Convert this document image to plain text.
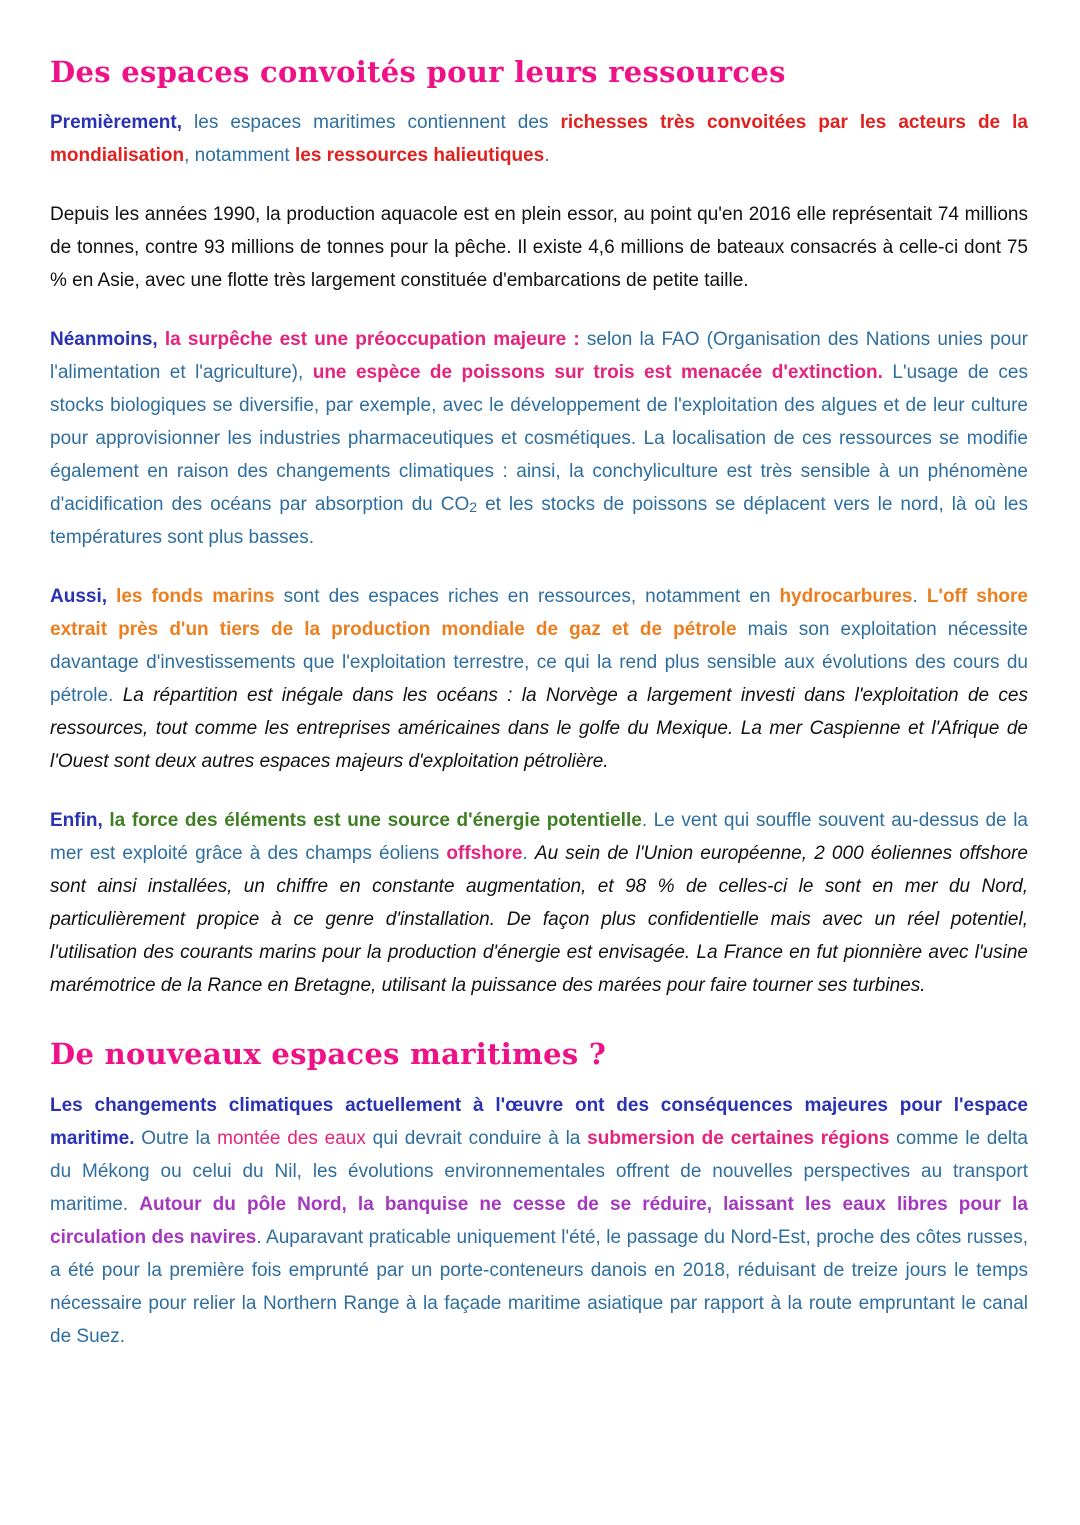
Des espaces convoités pour leurs ressources

Premièrement, les espaces maritimes contiennent des richesses très convoitées par les acteurs de la mondialisation, notamment les ressources halieutiques.

Depuis les années 1990, la production aquacole est en plein essor, au point qu'en 2016 elle représentait 74 millions de tonnes, contre 93 millions de tonnes pour la pêche. Il existe 4,6 millions de bateaux consacrés à celle-ci dont 75 % en Asie, avec une flotte très largement constituée d'embarcations de petite taille.

Néanmoins, la surpêche est une préoccupation majeure : selon la FAO (Organisation des Nations unies pour l'alimentation et l'agriculture), une espèce de poissons sur trois est menacée d'extinction. L'usage de ces stocks biologiques se diversifie, par exemple, avec le développement de l'exploitation des algues et de leur culture pour approvisionner les industries pharmaceutiques et cosmétiques. La localisation de ces ressources se modifie également en raison des changements climatiques : ainsi, la conchyliculture est très sensible à un phénomène d'acidification des océans par absorption du $CO_2$ et les stocks de poissons se déplacent vers le nord, là où les températures sont plus basses.

Aussi, les fonds marins sont des espaces riches en ressources, notamment en hydrocarbures. L'off shore extrait près d'un tiers de la production mondiale de gaz et de pétrole mais son exploitation nécessite davantage d'investissements que l'exploitation terrestre, ce qui la rend plus sensible aux évolutions des cours du pétrole. La répartition est inégale dans les océans : la Norvège a largement investi dans l'exploitation de ces ressources, tout comme les entreprises américaines dans le golfe du Mexique. La mer Caspienne et l'Afrique de l'Ouest sont deux autres espaces majeurs d'exploitation pétrolière.

Enfin, la force des éléments est une source d'énergie potentielle. Le vent qui souffle souvent au-dessus de la mer est exploité grâce à des champs éoliens offshore. Au sein de l'Union européenne, 2 000 éoliennes offshore sont ainsi installées, un chiffre en constante augmentation, et 98 % de celles-ci le sont en mer du Nord, particulièrement propice à ce genre d'installation. De façon plus confidentielle mais avec un réel potentiel, l'utilisation des courants marins pour la production d'énergie est envisagée. La France en fut pionnière avec l'usine marémotrice de la Rance en Bretagne, utilisant la puissance des marées pour faire tourner ses turbines.

De nouveaux espaces maritimes ?

Les changements climatiques actuellement à l'œuvre ont des conséquences majeures pour l'espace maritime. Outre la montée des eaux qui devrait conduire à la submersion de certaines régions comme le delta du Mékong ou celui du Nil, les évolutions environnementales offrent de nouvelles perspectives au transport maritime. Autour du pôle Nord, la banquise ne cesse de se réduire, laissant les eaux libres pour la circulation des navires. Auparavant praticable uniquement l'été, le passage du Nord-Est, proche des côtes russes, a été pour la première fois emprunté par un porte-conteneurs danois en 2018, réduisant de treize jours le temps nécessaire pour relier la Northern Range à la façade maritime asiatique par rapport à la route empruntant le canal de Suez.
